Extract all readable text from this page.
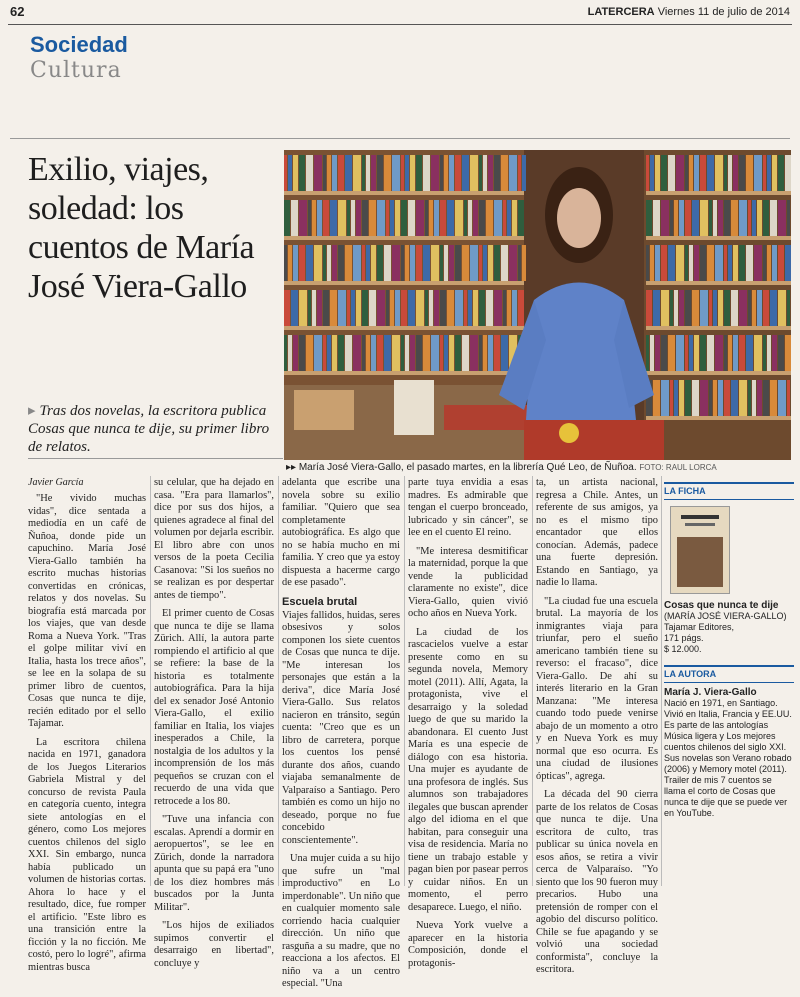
62	LATERCERA Viernes 11 de julio de 2014
Sociedad
Cultura
Exilio, viajes, soledad: los cuentos de María José Viera-Gallo
▸ Tras dos novelas, la escritora publica Cosas que nunca te dije, su primer libro de relatos.
▸▸ María José Viera-Gallo, el pasado martes, en la librería Qué Leo, de Ñuñoa. FOTO: RAUL LORCA

Javier García

"He vivido muchas vidas", dice sentada a mediodía en un café de Ñuñoa, donde pide un capuchino. María José Viera-Gallo también ha escrito muchas historias convertidas en crónicas, relatos y dos novelas. Su biografía está marcada por los viajes, que van desde Roma a Nueva York. "Tras el golpe militar viví en Italia, hasta los trece años", se lee en la solapa de su primer libro de cuentos, Cosas que nunca te dije, recién editado por el sello Tajamar.

La escritora chilena nacida en 1971, ganadora de los Juegos Literarios Gabriela Mistral y del concurso de revista Paula en categoría cuento, integra siete antologías en el género, como Los mejores cuentos chilenos del siglo XXI. Sin embargo, nunca había publicado un volumen de historias cortas. Ahora lo hace y el resultado, dice, fue romper el artificio. "Este libro es una transición entre la ficción y la no ficción. Me costó, pero lo logré", afirma mientras busca

su celular, que ha dejado en casa. "Era para llamarlos", dice por sus dos hijos, a quienes agradece al final del volumen por dejarla escribir. El libro abre con unos versos de la poeta Cecilia Casanova: "Si los sueños no se realizan es por despertar antes de tiempo".

El primer cuento de Cosas que nunca te dije se llama Zürich. Allí, la autora parte rompiendo el artificio al que se refiere: la base de la historia es totalmente autobiográfica. Para la hija del ex senador José Antonio Viera-Gallo, el exilio familiar en Italia, los viajes inesperados a Chile, la nostalgia de los adultos y la incomprensión de los más pequeños se cruzan con el recuerdo de una vida que retrocede a los 80.

"Tuve una infancia con escalas. Aprendí a dormir en aeropuertos", se lee en Zürich, donde la narradora apunta que su papá era "uno de los diez hombres más buscados por la Junta Militar".

"Los hijos de exiliados supimos convertir el desarraigo en libertad", concluye y

adelanta que escribe una novela sobre su exilio familiar. "Quiero que sea completamente autobiográfica. Es algo que no se había mucho en mi familia. Y creo que ya estoy dispuesta a hacerme cargo de ese pasado".

Escuela brutal

Viajes fallidos, huidas, seres obsesivos y solos componen los siete cuentos de Cosas que nunca te dije. "Me interesan los personajes que están a la deriva", dice María José Viera-Gallo. Sus relatos nacieron en tránsito, según cuenta: "Creo que es un libro de carretera, porque los cuentos los pensé durante dos años, cuando viajaba semanalmente de Valparaíso a Santiago. Pero también es como un hijo no deseado, porque no fue concebido conscientemente".

Una mujer cuida a su hijo que sufre un "mal improductivo" en Lo imperdonable". Un niño que en cualquier momento sale corriendo hacia cualquier dirección. Un niño que rasguña a su madre, que no reacciona a los afectos. El niño va a un centro especial. "Una

parte tuya envidia a esas madres. Es admirable que tengan el cuerpo bronceado, lubricado y sin cáncer", se lee en el cuento El reino.

"Me interesa desmitificar la maternidad, porque la que vende la publicidad claramente no existe", dice Viera-Gallo, quien vivió ocho años en Nueva York.

La ciudad de los rascacielos vuelve a estar presente como en su segunda novela, Memory motel (2011). Allí, Agata, la protagonista, vive el desarraigo y la soledad luego de que su marido la abandonara. El cuento Just María es una especie de diálogo con esa historia. Una mujer es ayudante de una profesora de inglés. Sus alumnos son trabajadores ilegales que buscan aprender algo del idioma en el que habitan, para conseguir una visa de residencia. María no tiene un trabajo estable y pagan bien por pasear perros y cuidar niños. En un momento, el perro desaparece. Luego, el niño.

Nueva York vuelve a aparecer en la historia Composición, donde el protagonis-

ta, un artista nacional, regresa a Chile. Antes, un referente de sus amigos, ya no es el mismo tipo encantador que ellos conocían. Además, padece una fuerte depresión. Estando en Santiago, ya nadie lo llama.

"La ciudad fue una escuela brutal. La mayoría de los inmigrantes viaja para triunfar, pero el sueño americano también tiene su reverso: el fracaso", dice Viera-Gallo. De ahí su interés literario en la Gran Manzana: "Me interesa cuando todo puede venirse abajo de un momento a otro y en Nueva York es muy normal que eso ocurra. Es una ciudad de ilusiones ópticas", agrega.

La década del 90 cierra parte de los relatos de Cosas que nunca te dije. Una escritora de culto, tras publicar su única novela en esos años, se retira a vivir cerca de Valparaíso. "Yo siento que los 90 fueron muy precarios. Hubo una pretensión de romper con el agobio del discurso político. Chile se fue apagando y se volvió una sociedad conformista", concluye la escritora.

LA FICHA
Cosas que nunca te dije
(MARÍA JOSÉ VIERA-GALLO)
Tajamar Editores,
171 págs.
$ 12.000.
LA AUTORA
María J. Viera-Gallo
Nació en 1971, en Santiago. Vivió en Italia, Francia y EE.UU. Es parte de las antologías Música ligera y Los mejores cuentos chilenos del siglo XXI. Sus novelas son Verano robado (2006) y Memory motel (2011). Trailer de mis 7 cuentos se llama el corto de Cosas que nunca te dije que se puede ver en YouTube.
